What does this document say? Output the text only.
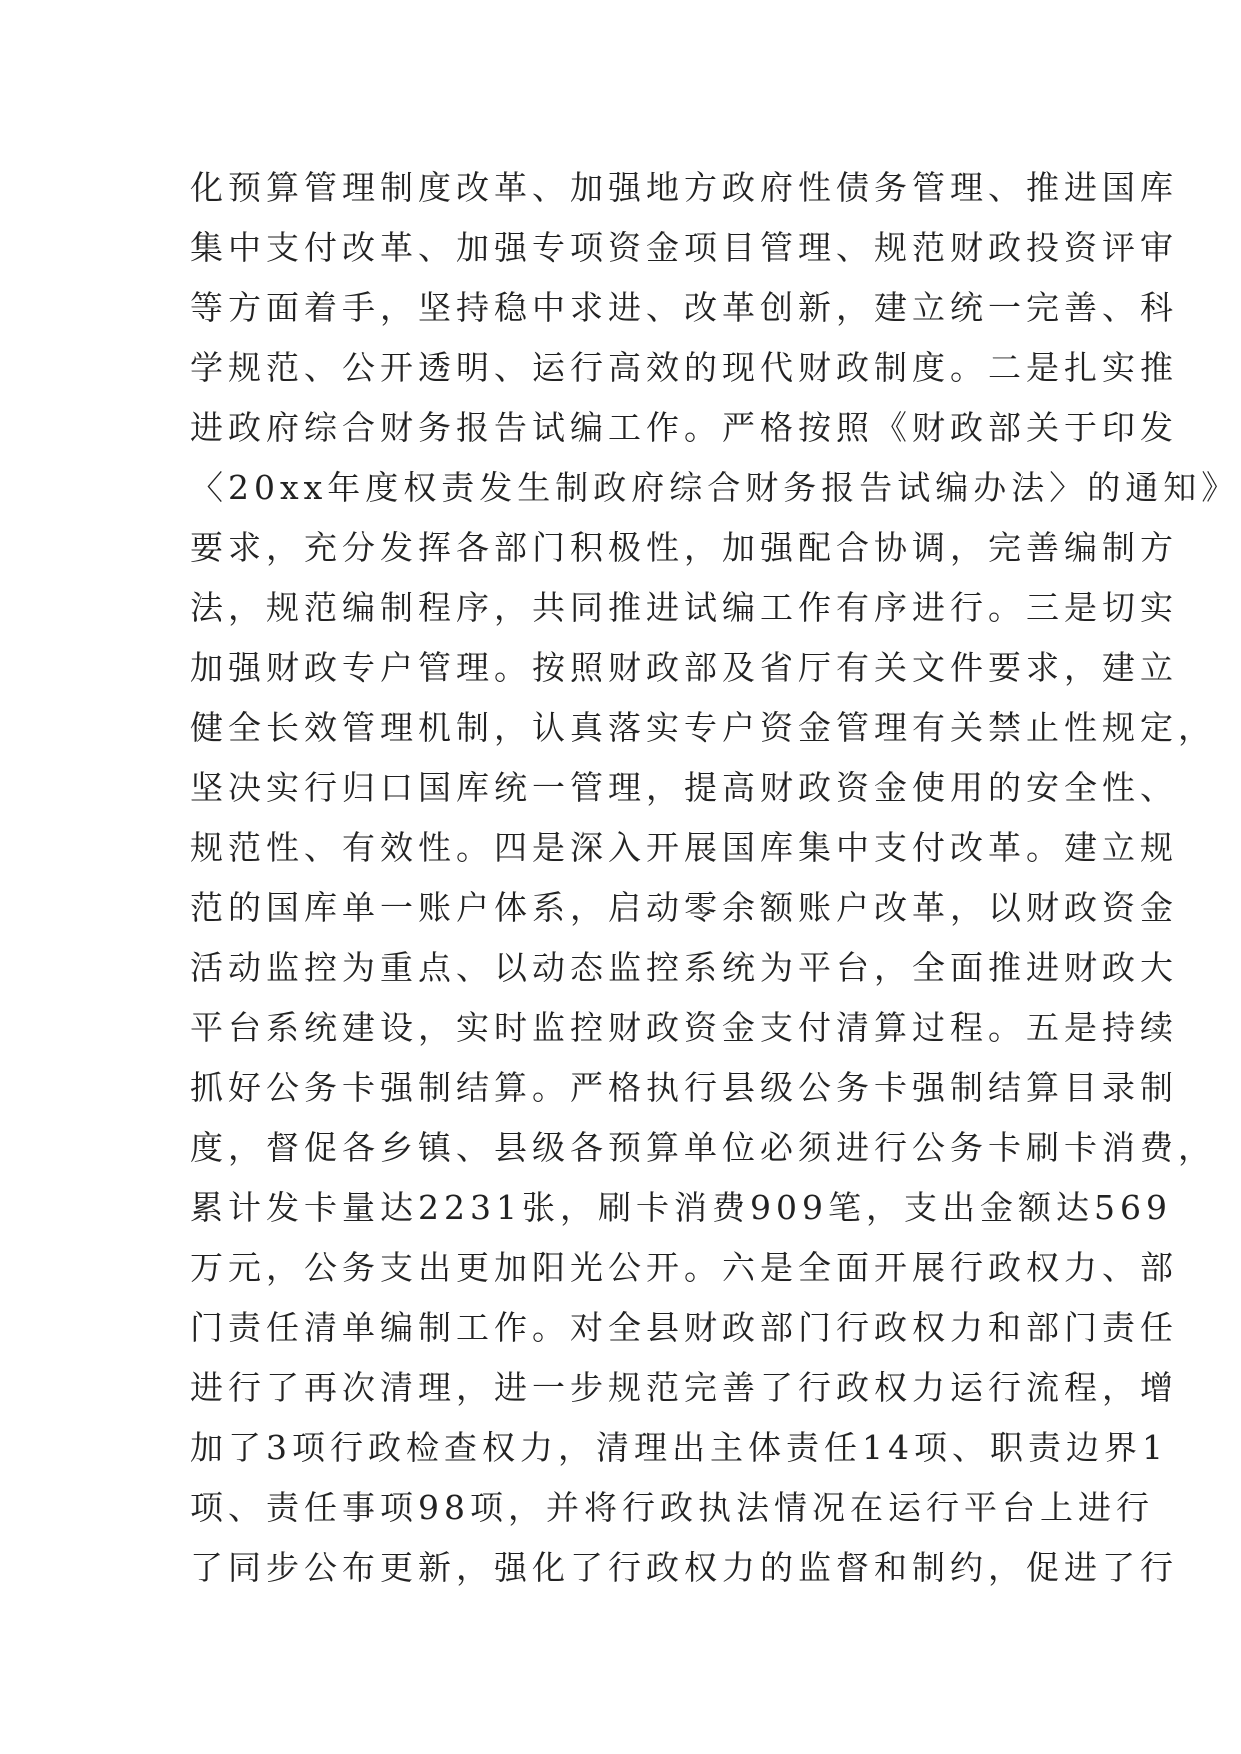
化预算管理制度改革、加强地方政府性债务管理、推进国库
集中支付改革、加强专项资金项目管理、规范财政投资评审
等方面着手，坚持稳中求进、改革创新，建立统一完善、科
学规范、公开透明、运行高效的现代财政制度。二是扎实推
进政府综合财务报告试编工作。严格按照《财政部关于印发
〈20xx年度权责发生制政府综合财务报告试编办法〉的通知》
要求，充分发挥各部门积极性，加强配合协调，完善编制方
法，规范编制程序，共同推进试编工作有序进行。三是切实
加强财政专户管理。按照财政部及省厅有关文件要求，建立
健全长效管理机制，认真落实专户资金管理有关禁止性规定，
坚决实行归口国库统一管理，提高财政资金使用的安全性、
规范性、有效性。四是深入开展国库集中支付改革。建立规
范的国库单一账户体系，启动零余额账户改革，以财政资金
活动监控为重点、以动态监控系统为平台，全面推进财政大
平台系统建设，实时监控财政资金支付清算过程。五是持续
抓好公务卡强制结算。严格执行县级公务卡强制结算目录制
度，督促各乡镇、县级各预算单位必须进行公务卡刷卡消费，
累计发卡量达2231张，刷卡消费909笔，支出金额达569
万元，公务支出更加阳光公开。六是全面开展行政权力、部
门责任清单编制工作。对全县财政部门行政权力和部门责任
进行了再次清理，进一步规范完善了行政权力运行流程，增
加了3项行政检查权力，清理出主体责任14项、职责边界1
项、责任事项98项，并将行政执法情况在运行平台上进行
了同步公布更新，强化了行政权力的监督和制约，促进了行
